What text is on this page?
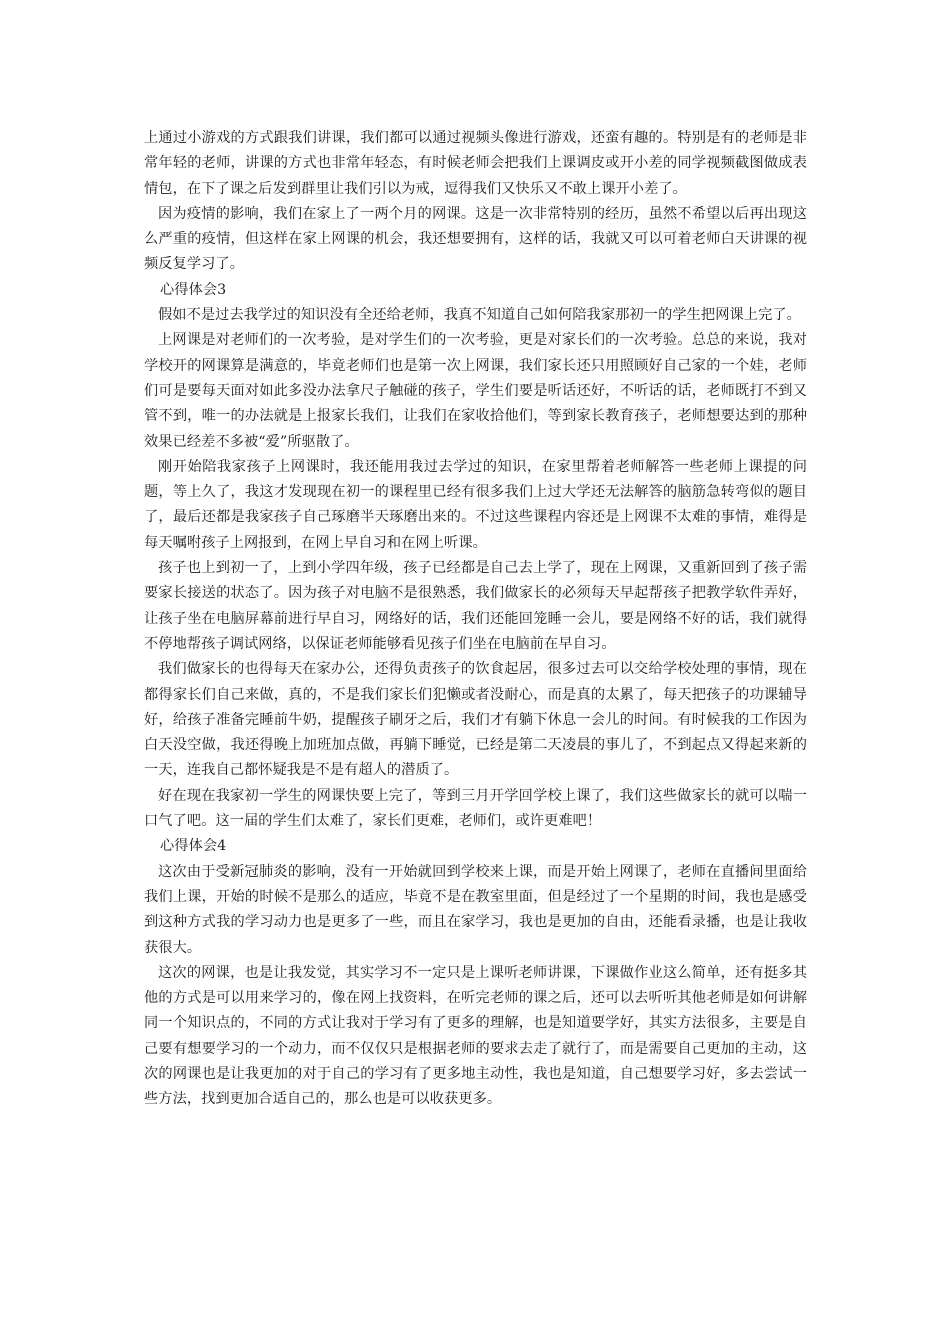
上通过小游戏的方式跟我们讲课，我们都可以通过视频头像进行游戏，还蛮有趣的。特别是有的老师是非常年轻的老师，讲课的方式也非常年轻态，有时候老师会把我们上课调皮或开小差的同学视频截图做成表情包，在下了课之后发到群里让我们引以为戒，逗得我们又快乐又不敢上课开小差了。

因为疫情的影响，我们在家上了一两个月的网课。这是一次非常特别的经历，虽然不希望以后再出现这么严重的疫情，但这样在家上网课的机会，我还想要拥有，这样的话，我就又可以可着老师白天讲课的视频反复学习了。

心得体会3

假如不是过去我学过的知识没有全还给老师，我真不知道自己如何陪我家那初一的学生把网课上完了。

上网课是对老师们的一次考验，是对学生们的一次考验，更是对家长们的一次考验。总总的来说，我对学校开的网课算是满意的，毕竟老师们也是第一次上网课，我们家长还只用照顾好自己家的一个娃，老师们可是要每天面对如此多没办法拿尺子触碰的孩子，学生们要是听话还好，不听话的话，老师既打不到又管不到，唯一的办法就是上报家长我们，让我们在家收拾他们，等到家长教育孩子，老师想要达到的那种效果已经差不多被“爱”所驱散了。

刚开始陪我家孩子上网课时，我还能用我过去学过的知识，在家里帮着老师解答一些老师上课提的问题，等上久了，我这才发现现在初一的课程里已经有很多我们上过大学还无法解答的脑筋急转弯似的题目了，最后还都是我家孩子自己琢磨半天琢磨出来的。不过这些课程内容还是上网课不太难的事情，难得是每天嘱咐孩子上网报到，在网上早自习和在网上听课。

孩子也上到初一了，上到小学四年级，孩子已经都是自己去上学了，现在上网课，又重新回到了孩子需要家长接送的状态了。因为孩子对电脑不是很熟悉，我们做家长的必须每天早起帮孩子把教学软件弄好，让孩子坐在电脑屏幕前进行早自习，网络好的话，我们还能回笼睡一会儿，要是网络不好的话，我们就得不停地帮孩子调试网络，以保证老师能够看见孩子们坐在电脑前在早自习。

我们做家长的也得每天在家办公，还得负责孩子的饮食起居，很多过去可以交给学校处理的事情，现在都得家长们自己来做，真的，不是我们家长们犯懒或者没耐心，而是真的太累了，每天把孩子的功课辅导好，给孩子准备完睡前牛奶，提醒孩子刷牙之后，我们才有躺下休息一会儿的时间。有时候我的工作因为白天没空做，我还得晚上加班加点做，再躺下睡觉，已经是第二天凌晨的事儿了，不到起点又得起来新的一天，连我自己都怀疑我是不是有超人的潜质了。

好在现在我家初一学生的网课快要上完了，等到三月开学回学校上课了，我们这些做家长的就可以喘一口气了吧。这一届的学生们太难了，家长们更难，老师们，或许更难吧！

心得体会4

这次由于受新冠肺炎的影响，没有一开始就回到学校来上课，而是开始上网课了，老师在直播间里面给我们上课，开始的时候不是那么的适应，毕竟不是在教室里面，但是经过了一个星期的时间，我也是感受到这种方式我的学习动力也是更多了一些，而且在家学习，我也是更加的自由，还能看录播，也是让我收获很大。

这次的网课，也是让我发觉，其实学习不一定只是上课听老师讲课，下课做作业这么简单，还有挺多其他的方式是可以用来学习的，像在网上找资料，在听完老师的课之后，还可以去听听其他老师是如何讲解同一个知识点的，不同的方式让我对于学习有了更多的理解，也是知道要学好，其实方法很多，主要是自己要有想要学习的一个动力，而不仅仅只是根据老师的要求去走了就行了，而是需要自己更加的主动，这次的网课也是让我更加的对于自己的学习有了更多地主动性，我也是知道，自己想要学习好，多去尝试一些方法，找到更加合适自己的，那么也是可以收获更多。
